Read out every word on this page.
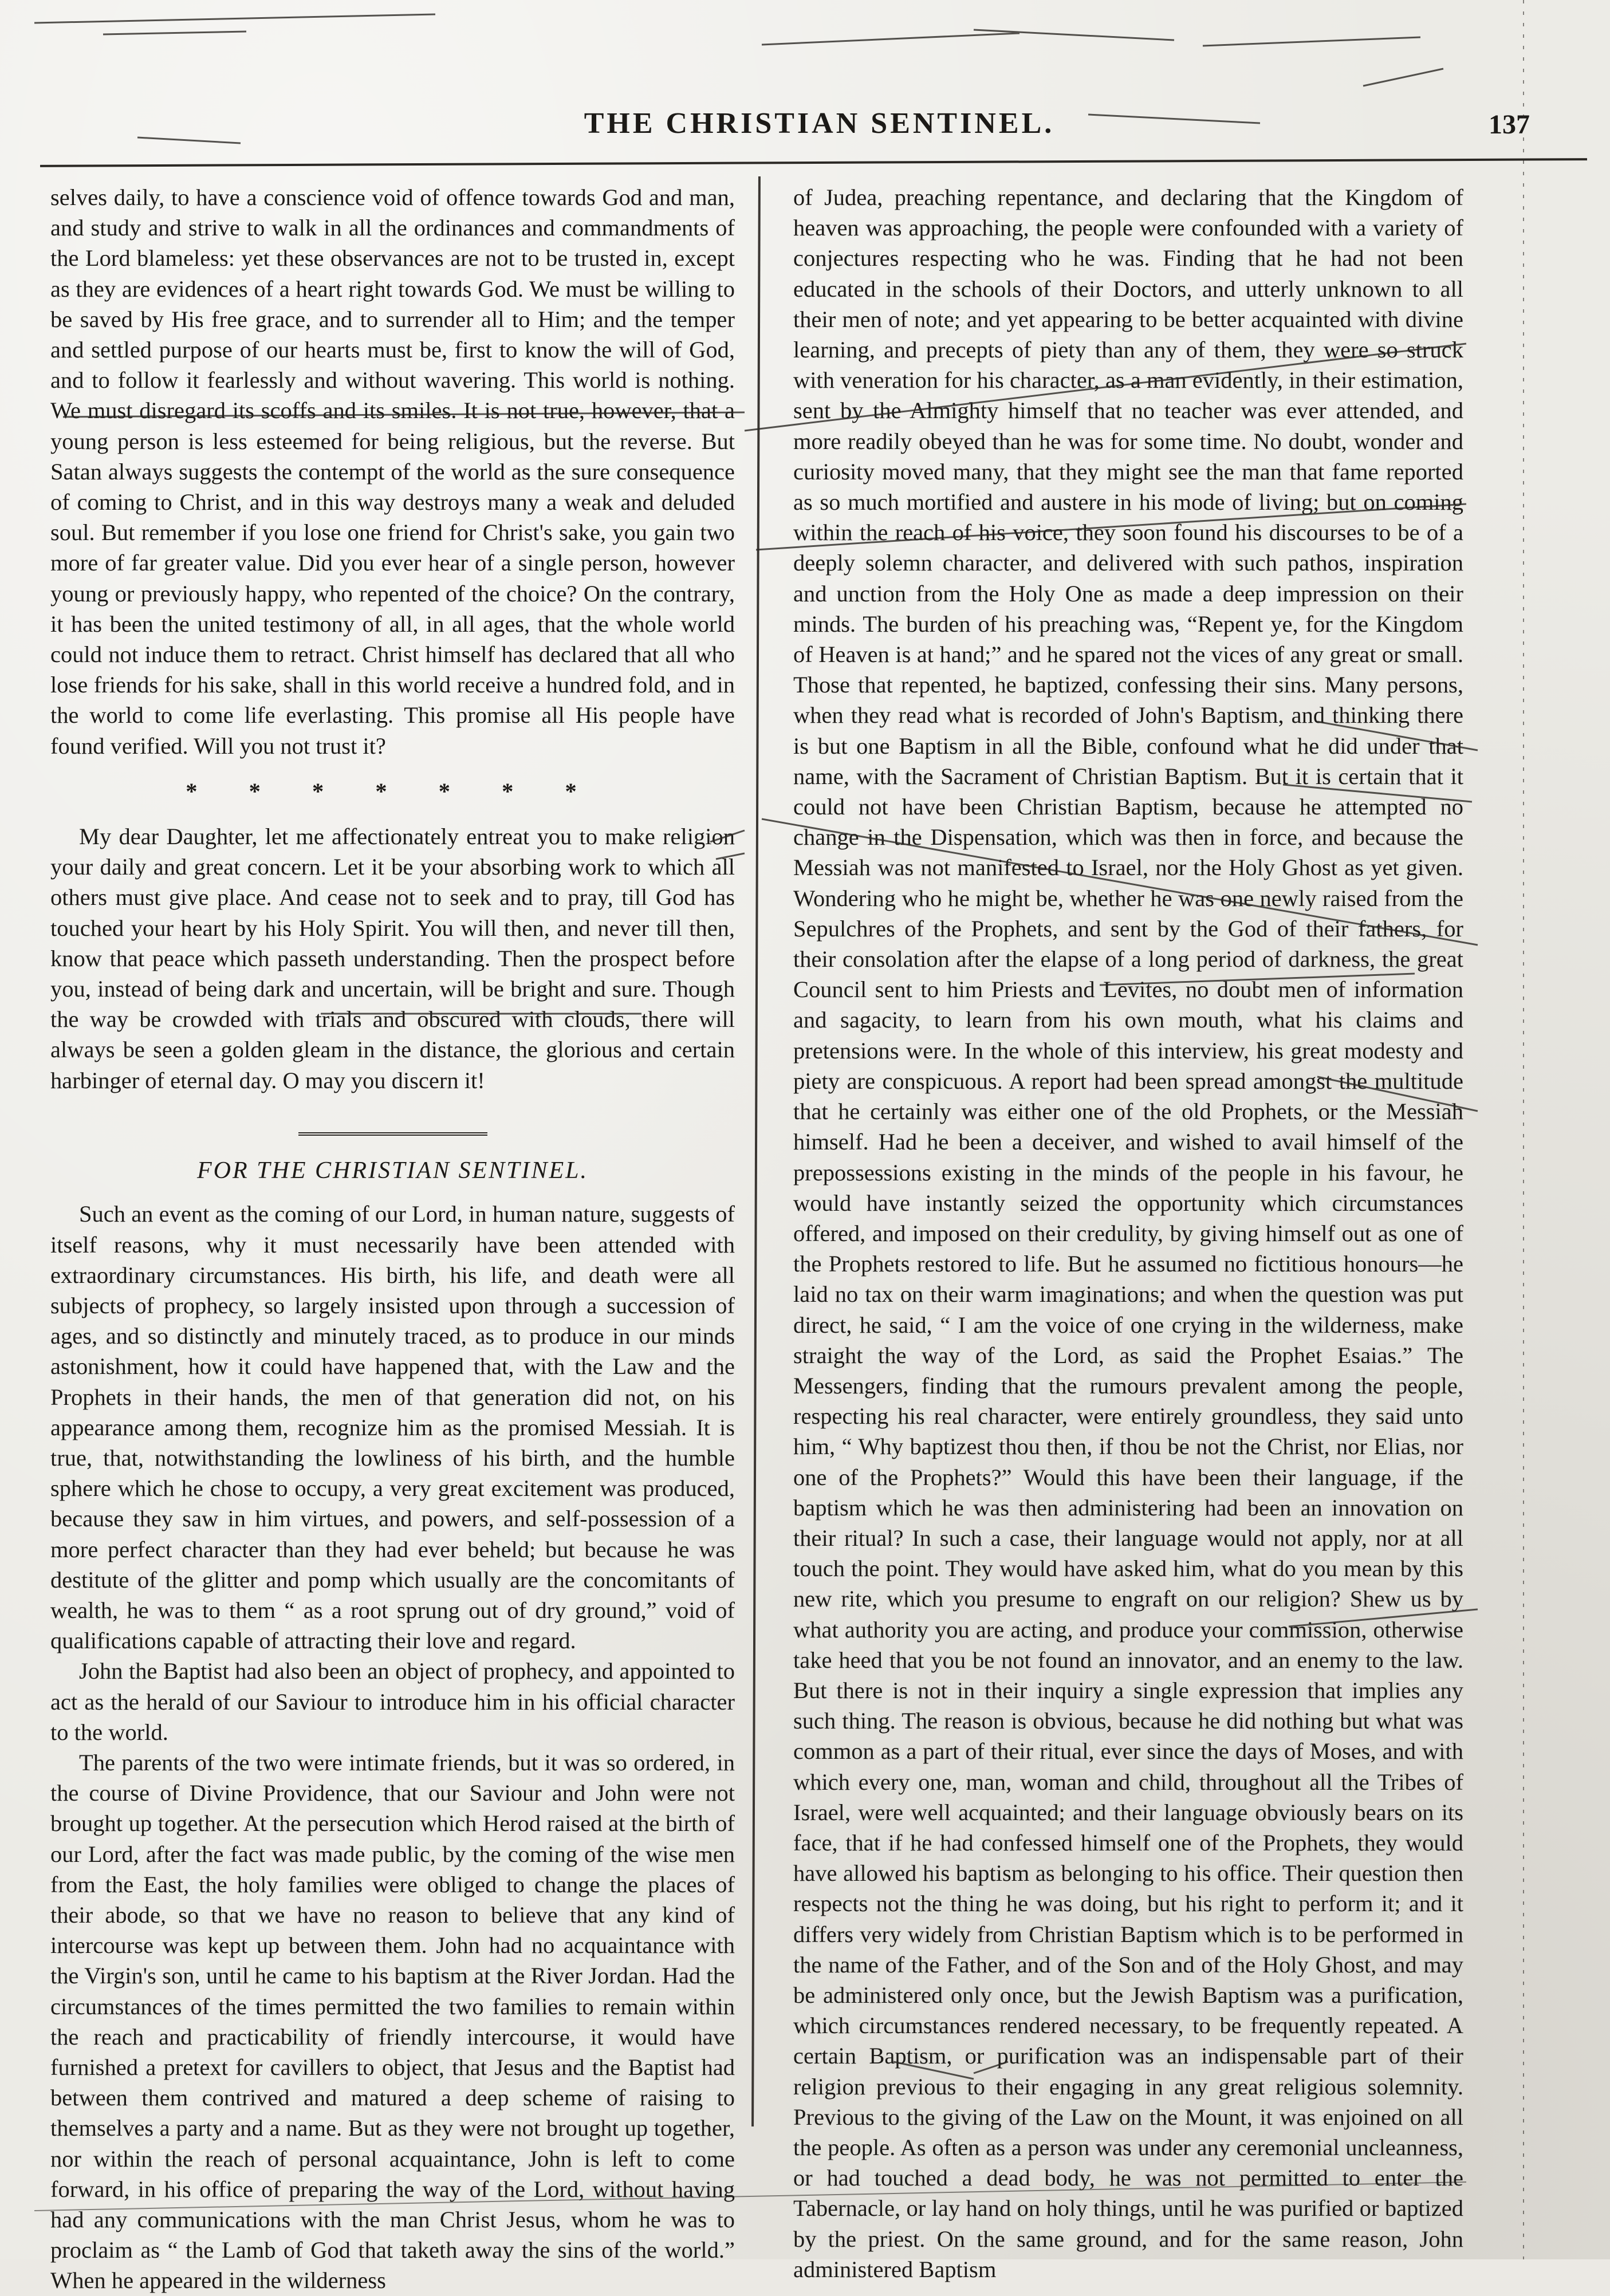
THE CHRISTIAN SENTINEL.	137

selves daily, to have a conscience void of offence towards God and man, and study and strive to walk in all the ordinances and commandments of the Lord blameless: yet these observances are not to be trusted in, except as they are evidences of a heart right towards God. We must be willing to be saved by His free grace, and to surrender all to Him; and the temper and settled purpose of our hearts must be, first to know the will of God, and to follow it fearlessly and without wavering. This world is nothing. We must disregard its scoffs and its smiles. It is not true, however, that a young person is less esteemed for being religious, but the reverse. But Satan always suggests the contempt of the world as the sure consequence of coming to Christ, and in this way destroys many a weak and deluded soul. But remember if you lose one friend for Christ's sake, you gain two more of far greater value. Did you ever hear of a single person, however young or previously happy, who repented of the choice? On the contrary, it has been the united testimony of all, in all ages, that the whole world could not induce them to retract. Christ himself has declared that all who lose friends for his sake, shall in this world receive a hundred fold, and in the world to come life everlasting. This promise all His people have found verified. Will you not trust it?

* * * * * * *

My dear Daughter, let me affectionately entreat you to make religion your daily and great concern. Let it be your absorbing work to which all others must give place. And cease not to seek and to pray, till God has touched your heart by his Holy Spirit. You will then, and never till then, know that peace which passeth understanding. Then the prospect before you, instead of being dark and uncertain, will be bright and sure. Though the way be crowded with trials and obscured with clouds, there will always be seen a golden gleam in the distance, the glorious and certain harbinger of eternal day. O may you discern it!

FOR THE CHRISTIAN SENTINEL.

Such an event as the coming of our Lord, in human nature, suggests of itself reasons, why it must necessarily have been attended with extraordinary circumstances. His birth, his life, and death were all subjects of prophecy, so largely insisted upon through a succession of ages, and so distinctly and minutely traced, as to produce in our minds astonishment, how it could have happened that, with the Law and the Prophets in their hands, the men of that generation did not, on his appearance among them, recognize him as the promised Messiah. It is true, that, notwithstanding the lowliness of his birth, and the humble sphere which he chose to occupy, a very great excitement was produced, because they saw in him virtues, and powers, and self-possession of a more perfect character than they had ever beheld; but because he was destitute of the glitter and pomp which usually are the concomitants of wealth, he was to them “ as a root sprung out of dry ground,” void of qualifications capable of attracting their love and regard.

John the Baptist had also been an object of prophecy, and appointed to act as the herald of our Saviour to introduce him in his official character to the world.

The parents of the two were intimate friends, but it was so ordered, in the course of Divine Providence, that our Saviour and John were not brought up together. At the persecution which Herod raised at the birth of our Lord, after the fact was made public, by the coming of the wise men from the East, the holy families were obliged to change the places of their abode, so that we have no reason to believe that any kind of intercourse was kept up between them. John had no acquaintance with the Virgin's son, until he came to his baptism at the River Jordan. Had the circumstances of the times permitted the two families to remain within the reach and practicability of friendly intercourse, it would have furnished a pretext for cavillers to object, that Jesus and the Baptist had between them contrived and matured a deep scheme of raising to themselves a party and a name. But as they were not brought up together, nor within the reach of personal acquaintance, John is left to come forward, in his office of preparing the way of the Lord, without having had any communications with the man Christ Jesus, whom he was to proclaim as “ the Lamb of God that taketh away the sins of the world.” When he appeared in the wilderness

of Judea, preaching repentance, and declaring that the Kingdom of heaven was approaching, the people were confounded with a variety of conjectures respecting who he was. Finding that he had not been educated in the schools of their Doctors, and utterly unknown to all their men of note; and yet appearing to be better acquainted with divine learning, and precepts of piety than any of them, they were so struck with veneration for his character, as a man evidently, in their estimation, sent by the Almighty himself that no teacher was ever attended, and more readily obeyed than he was for some time. No doubt, wonder and curiosity moved many, that they might see the man that fame reported as so much mortified and austere in his mode of living; but on coming within the reach of his voice, they soon found his discourses to be of a deeply solemn character, and delivered with such pathos, inspiration and unction from the Holy One as made a deep impression on their minds. The burden of his preaching was, “Repent ye, for the Kingdom of Heaven is at hand;” and he spared not the vices of any great or small. Those that repented, he baptized, confessing their sins. Many persons, when they read what is recorded of John's Baptism, and thinking there is but one Baptism in all the Bible, confound what he did under that name, with the Sacrament of Christian Baptism. But it is certain that it could not have been Christian Baptism, because he attempted no change in the Dispensation, which was then in force, and because the Messiah was not manifested to Israel, nor the Holy Ghost as yet given. Wondering who he might be, whether he was one newly raised from the Sepulchres of the Prophets, and sent by the God of their fathers, for their consolation after the elapse of a long period of darkness, the great Council sent to him Priests and Levites, no doubt men of information and sagacity, to learn from his own mouth, what his claims and pretensions were. In the whole of this interview, his great modesty and piety are conspicuous. A report had been spread amongst the multitude that he certainly was either one of the old Prophets, or the Messiah himself. Had he been a deceiver, and wished to avail himself of the prepossessions existing in the minds of the people in his favour, he would have instantly seized the opportunity which circumstances offered, and imposed on their credulity, by giving himself out as one of the Prophets restored to life. But he assumed no fictitious honours—he laid no tax on their warm imaginations; and when the question was put direct, he said, “ I am the voice of one crying in the wilderness, make straight the way of the Lord, as said the Prophet Esaias.” The Messengers, finding that the rumours prevalent among the people, respecting his real character, were entirely groundless, they said unto him, “ Why baptizest thou then, if thou be not the Christ, nor Elias, nor one of the Prophets?” Would this have been their language, if the baptism which he was then administering had been an innovation on their ritual? In such a case, their language would not apply, nor at all touch the point. They would have asked him, what do you mean by this new rite, which you presume to engraft on our religion? Shew us by what authority you are acting, and produce your commission, otherwise take heed that you be not found an innovator, and an enemy to the law. But there is not in their inquiry a single expression that implies any such thing. The reason is obvious, because he did nothing but what was common as a part of their ritual, ever since the days of Moses, and with which every one, man, woman and child, throughout all the Tribes of Israel, were well acquainted; and their language obviously bears on its face, that if he had confessed himself one of the Prophets, they would have allowed his baptism as belonging to his office. Their question then respects not the thing he was doing, but his right to perform it; and it differs very widely from Christian Baptism which is to be performed in the name of the Father, and of the Son and of the Holy Ghost, and may be administered only once, but the Jewish Baptism was a purification, which circumstances rendered necessary, to be frequently repeated. A certain Baptism, or purification was an indispensable part of their religion previous to their engaging in any great religious solemnity. Previous to the giving of the Law on the Mount, it was enjoined on all the people. As often as a person was under any ceremonial uncleanness, or had touched a dead body, he was not permitted to enter the Tabernacle, or lay hand on holy things, until he was purified or baptized by the priest. On the same ground, and for the same reason, John administered Baptism
